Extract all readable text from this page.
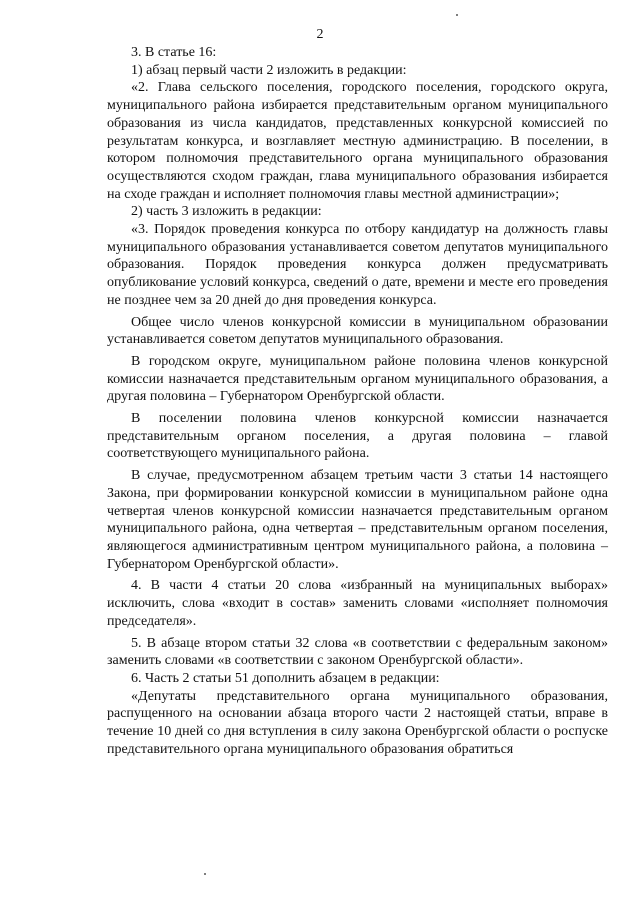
2

3. В статье 16:

1) абзац первый части 2 изложить в редакции:

«2. Глава сельского поселения, городского поселения, городского округа, муниципального района избирается представительным органом муниципального образования из числа кандидатов, представленных конкурсной комиссией по результатам конкурса, и возглавляет местную администрацию. В поселении, в котором полномочия представительного органа муниципального образования осуществляются сходом граждан, глава муниципального образования избирается на сходе граждан и исполняет полномочия главы местной администрации»;

2) часть 3 изложить в редакции:

«3. Порядок проведения конкурса по отбору кандидатур на должность главы муниципального образования устанавливается советом депутатов муниципального образования. Порядок проведения конкурса должен предусматривать опубликование условий конкурса, сведений о дате, времени и месте его проведения не позднее чем за 20 дней до дня проведения конкурса.

Общее число членов конкурсной комиссии в муниципальном образовании устанавливается советом депутатов муниципального образования.

В городском округе, муниципальном районе половина членов конкурсной комиссии назначается представительным органом муниципального образования, а другая половина – Губернатором Оренбургской области.

В поселении половина членов конкурсной комиссии назначается представительным органом поселения, а другая половина – главой соответствующего муниципального района.

В случае, предусмотренном абзацем третьим части 3 статьи 14 настоящего Закона, при формировании конкурсной комиссии в муниципальном районе одна четвертая членов конкурсной комиссии назначается представительным органом муниципального района, одна четвертая – представительным органом поселения, являющегося административным центром муниципального района, а половина – Губернатором Оренбургской области».

4. В части 4 статьи 20 слова «избранный на муниципальных выборах» исключить, слова «входит в состав» заменить словами «исполняет полномочия председателя».

5. В абзаце втором статьи 32 слова «в соответствии с федеральным законом» заменить словами «в соответствии с законом Оренбургской области».

6. Часть 2 статьи 51 дополнить абзацем в редакции:

«Депутаты представительного органа муниципального образования, распущенного на основании абзаца второго части 2 настоящей статьи, вправе в течение 10 дней со дня вступления в силу закона Оренбургской области о роспуске представительного органа муниципального образования обратиться
